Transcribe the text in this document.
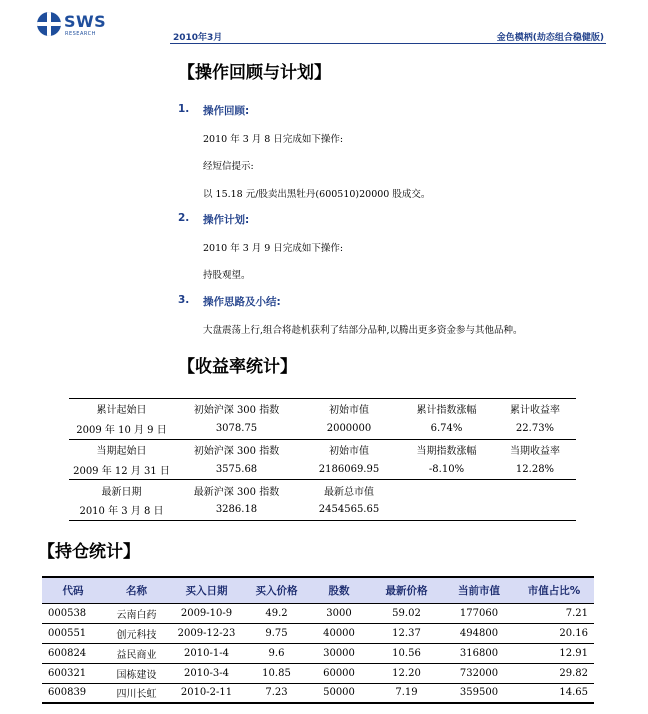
SWS
RESEARCH	2010年3月	金色模柄(劫态组合稳健版)
【操作回顾与计划】
1. 操作回顾:
2010 年 3 月 8 日完成如下操作:
经短信提示:
以 15.18 元/股卖出黑牡丹(600510)20000 股成交。
2. 操作计划:
2010 年 3 月 9 日完成如下操作:
持股观望。
3. 操作思路及小结:
大盘震荡上行,组合将趁机获利了结部分品种,以腾出更多资金参与其他品种。
【收益率统计】
累计起始日	初始沪深 300 指数	初始市值	累计指数涨幅	累计收益率
2009 年 10 月 9 日	3078.75	2000000	6.74%	22.73%
当期起始日	初始沪深 300 指数	初始市值	当期指数涨幅	当期收益率
2009 年 12 月 31 日	3575.68	2186069.95	-8.10%	12.28%
最新日期	最新沪深 300 指数	最新总市值		
2010 年 3 月 8 日	3286.18	2454565.65		
【持仓统计】
代码	名称	买入日期	买入价格	股数	最新价格	当前市值	市值占比%
000538	云南白药	2009-10-9	49.2	3000	59.02	177060	7.21
000551	创元科技	2009-12-23	9.75	40000	12.37	494800	20.16
600824	益民商业	2010-1-4	9.6	30000	10.56	316800	12.91
600321	国栋建设	2010-3-4	10.85	60000	12.20	732000	29.82
600839	四川长虹	2010-2-11	7.23	50000	7.19	359500	14.65
